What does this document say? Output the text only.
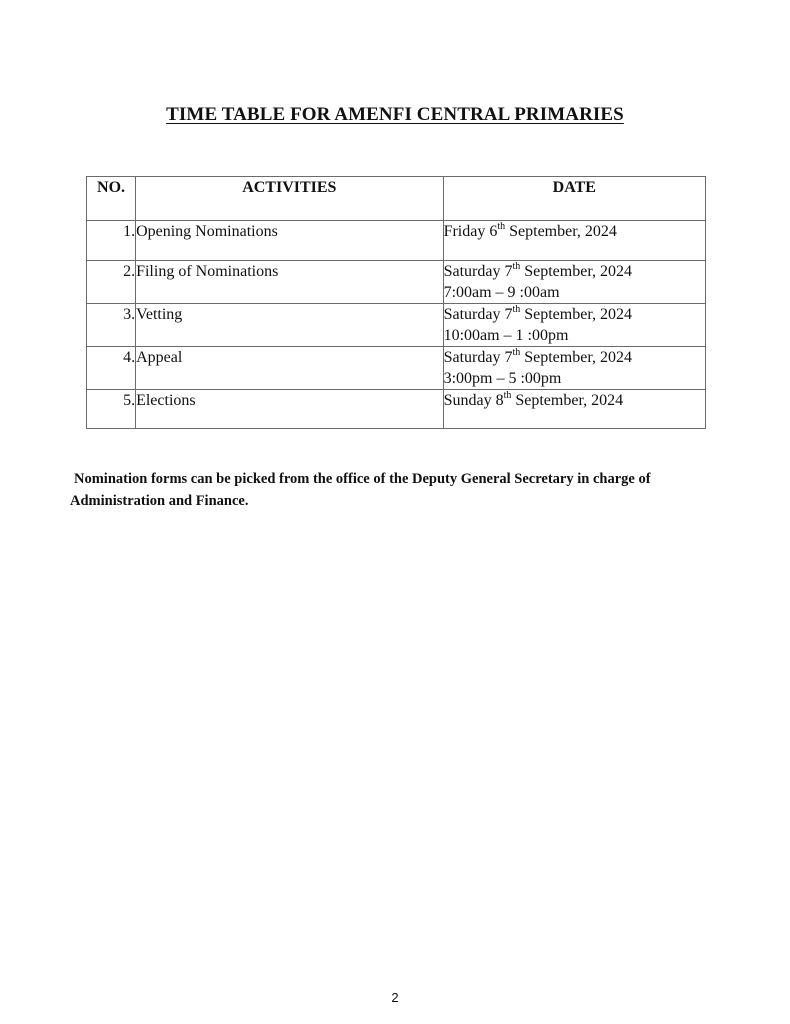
TIME TABLE FOR AMENFI CENTRAL PRIMARIES
NO.	ACTIVITIES	DATE
1.	Opening Nominations	Friday 6th September, 2024

2.	Filing of Nominations	Saturday 7th September, 2024
7:00am – 9 :00am

3.	Vetting	Saturday 7th September, 2024
10:00am – 1 :00pm

4.	Appeal	Saturday 7th September, 2024
3:00pm – 5 :00pm

5.	Elections	Sunday 8th September, 2024
Nomination forms can be picked from the office of the Deputy General Secretary in charge of Administration and Finance.
2
